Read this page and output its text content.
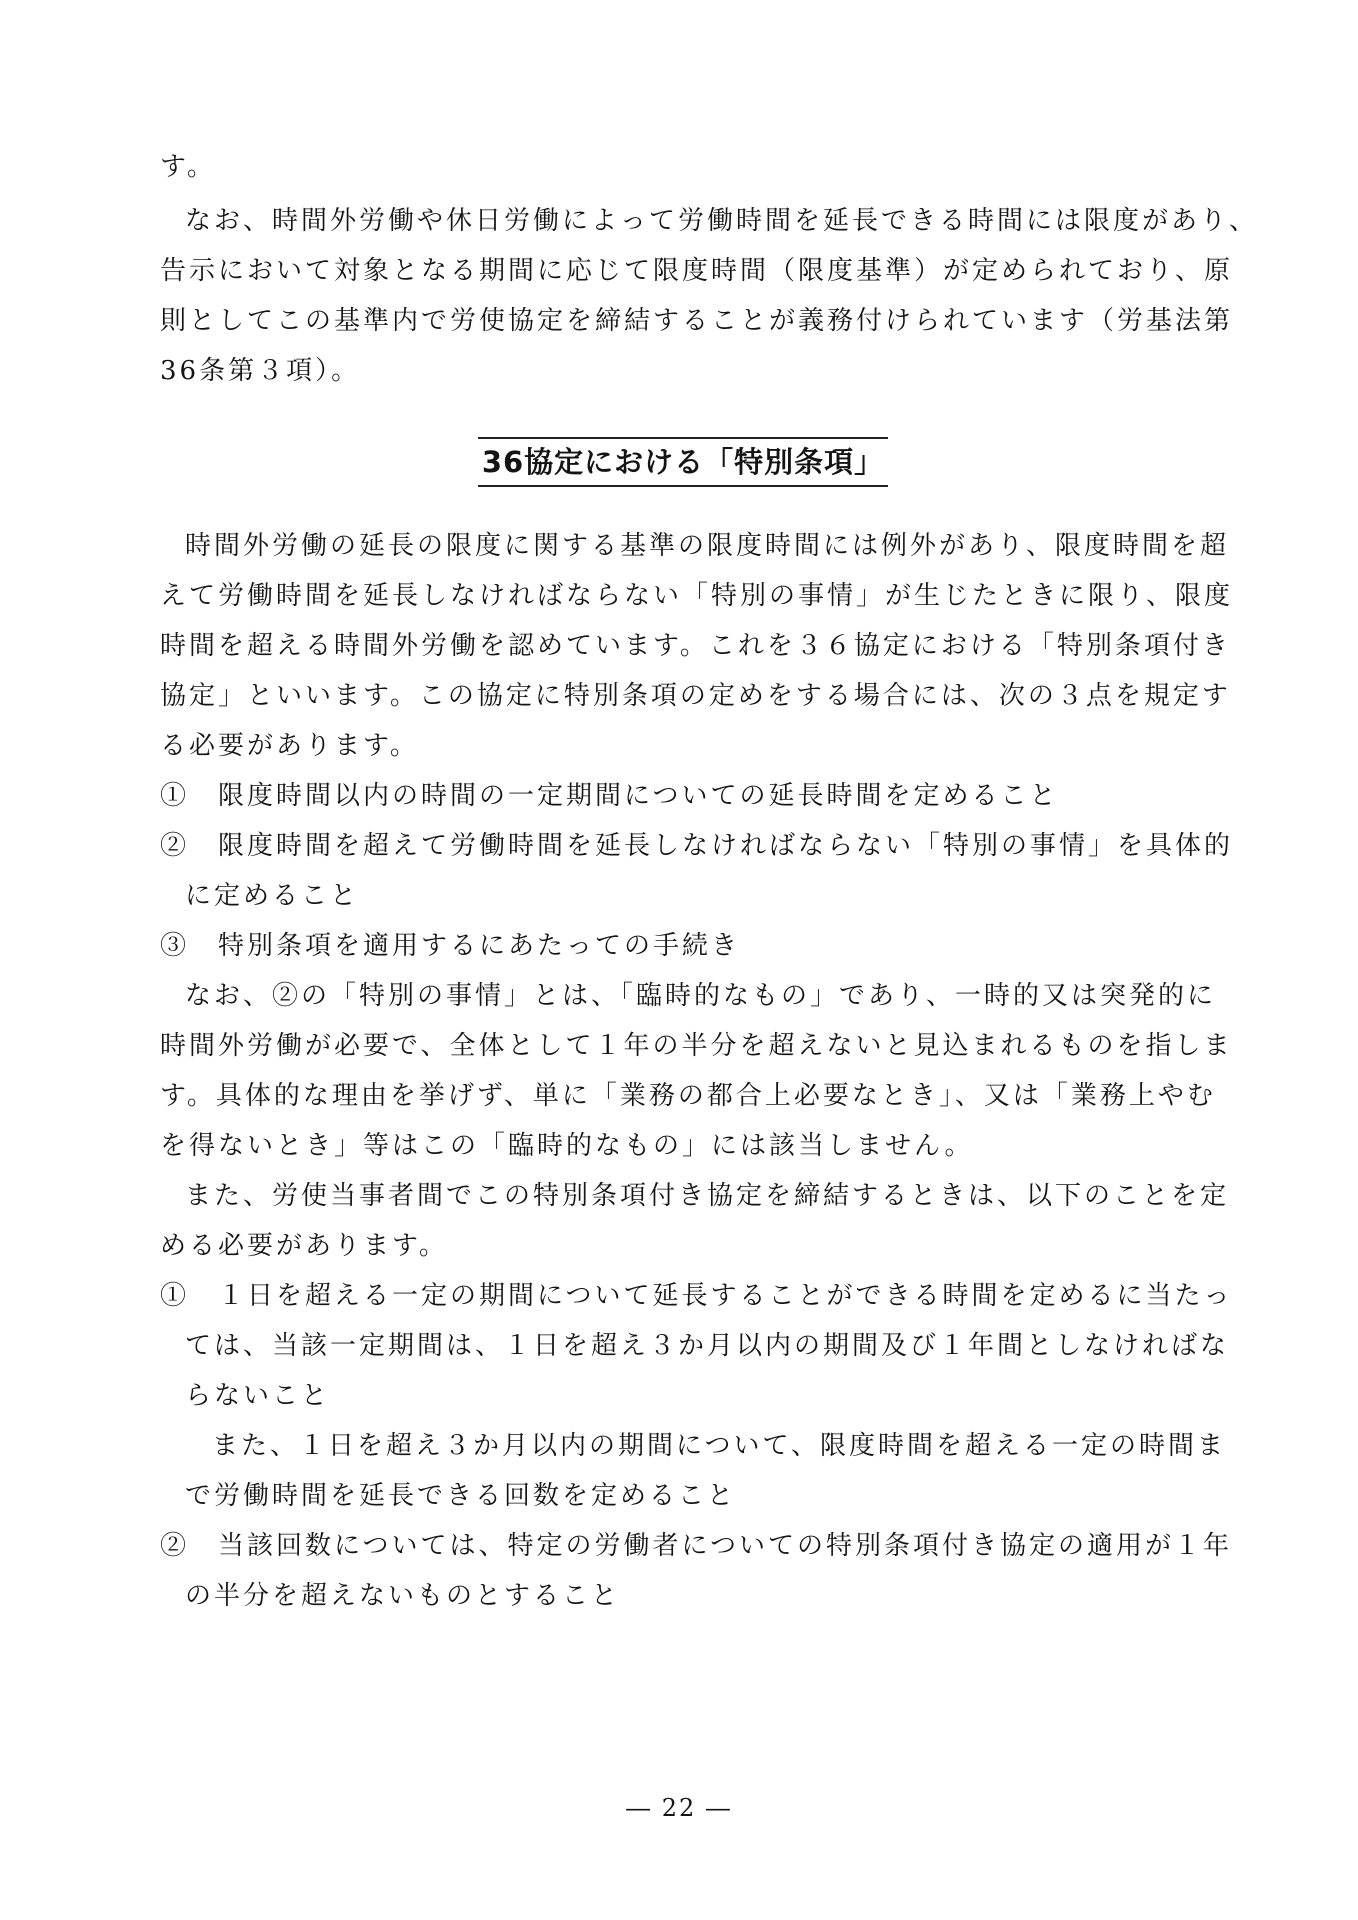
す。
なお、時間外労働や休日労働によって労働時間を延長できる時間には限度があり、
告示において対象となる期間に応じて限度時間（限度基準）が定められており、原
則としてこの基準内で労使協定を締結することが義務付けられています（労基法第
36条第３項）。
36協定における「特別条項」
時間外労働の延長の限度に関する基準の限度時間には例外があり、限度時間を超
えて労働時間を延長しなければならない「特別の事情」が生じたときに限り、限度
時間を超える時間外労働を認めています。これを３６協定における「特別条項付き
協定」といいます。この協定に特別条項の定めをする場合には、次の３点を規定す
る必要があります。
①　限度時間以内の時間の一定期間についての延長時間を定めること
②　限度時間を超えて労働時間を延長しなければならない「特別の事情」を具体的
に定めること
③　特別条項を適用するにあたっての手続き
なお、②の「特別の事情」とは、「臨時的なもの」であり、一時的又は突発的に
時間外労働が必要で、全体として１年の半分を超えないと見込まれるものを指しま
す。具体的な理由を挙げず、単に「業務の都合上必要なとき」、又は「業務上やむ
を得ないとき」等はこの「臨時的なもの」には該当しません。
また、労使当事者間でこの特別条項付き協定を締結するときは、以下のことを定
める必要があります。
①　１日を超える一定の期間について延長することができる時間を定めるに当たっ
ては、当該一定期間は、１日を超え３か月以内の期間及び１年間としなければな
らないこと
また、１日を超え３か月以内の期間について、限度時間を超える一定の時間ま
で労働時間を延長できる回数を定めること
②　当該回数については、特定の労働者についての特別条項付き協定の適用が１年
の半分を超えないものとすること
― 22 ―
